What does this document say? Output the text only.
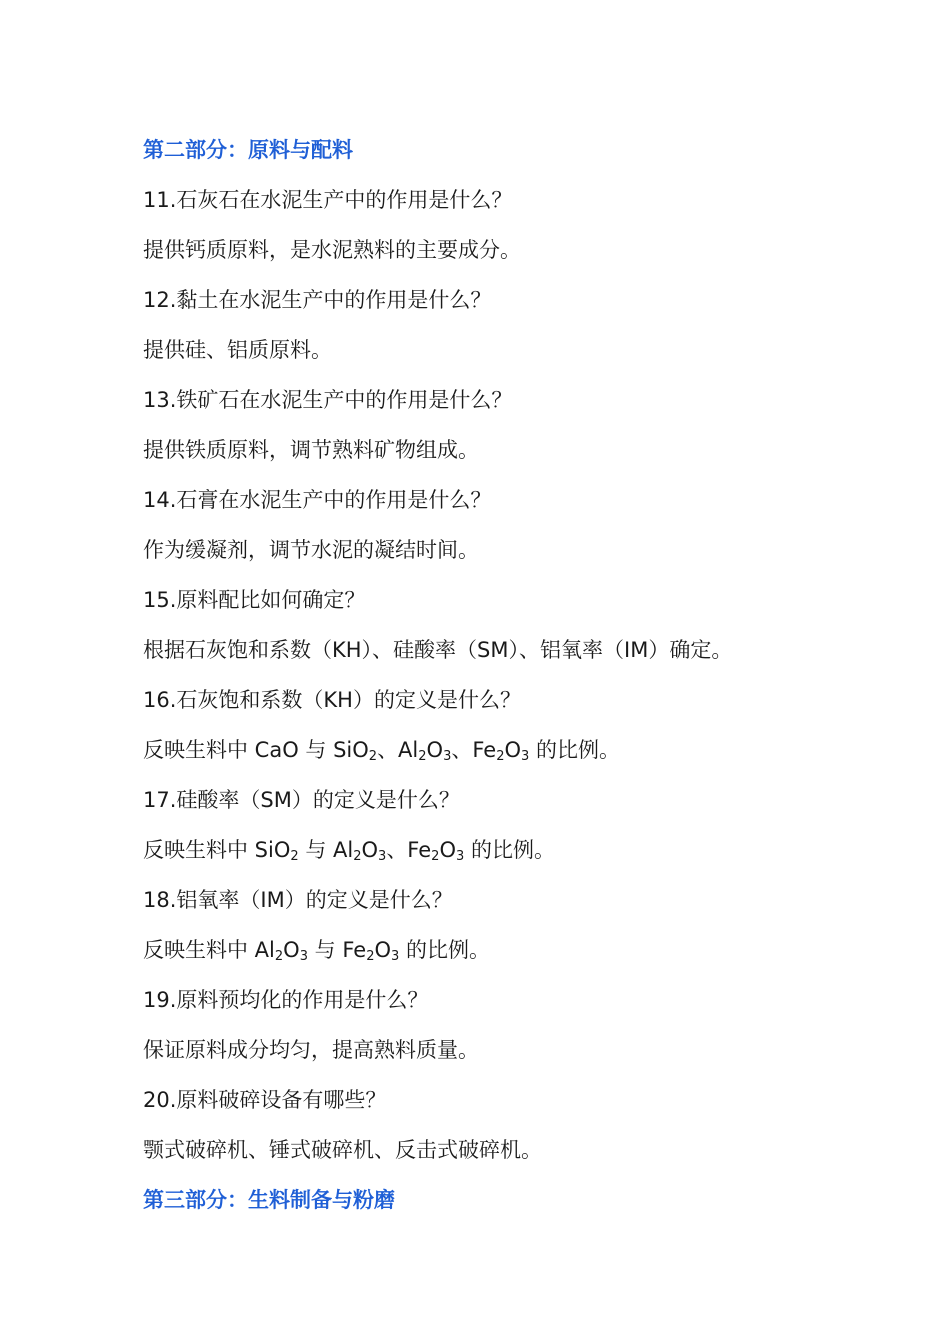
第二部分：原料与配料
11.石灰石在水泥生产中的作用是什么？
提供钙质原料，是水泥熟料的主要成分。
12.黏土在水泥生产中的作用是什么？
提供硅、铝质原料。
13.铁矿石在水泥生产中的作用是什么？
提供铁质原料，调节熟料矿物组成。
14.石膏在水泥生产中的作用是什么？
作为缓凝剂，调节水泥的凝结时间。
15.原料配比如何确定？
根据石灰饱和系数（KH）、硅酸率（SM）、铝氧率（IM）确定。
16.石灰饱和系数（KH）的定义是什么？
反映生料中 CaO 与 SiO$_2$、$Al_2O_3$、$Fe_2O_3$ 的比例。
17.硅酸率（SM）的定义是什么？
反映生料中 SiO$_2$ 与 $Al_2O_3$、$Fe_2O_3$ 的比例。
18.铝氧率（IM）的定义是什么？
反映生料中 $Al_2O_3$ 与 $Fe_2O_3$ 的比例。
19.原料预均化的作用是什么？
保证原料成分均匀，提高熟料质量。
20.原料破碎设备有哪些？
颚式破碎机、锤式破碎机、反击式破碎机。
第三部分：生料制备与粉磨
